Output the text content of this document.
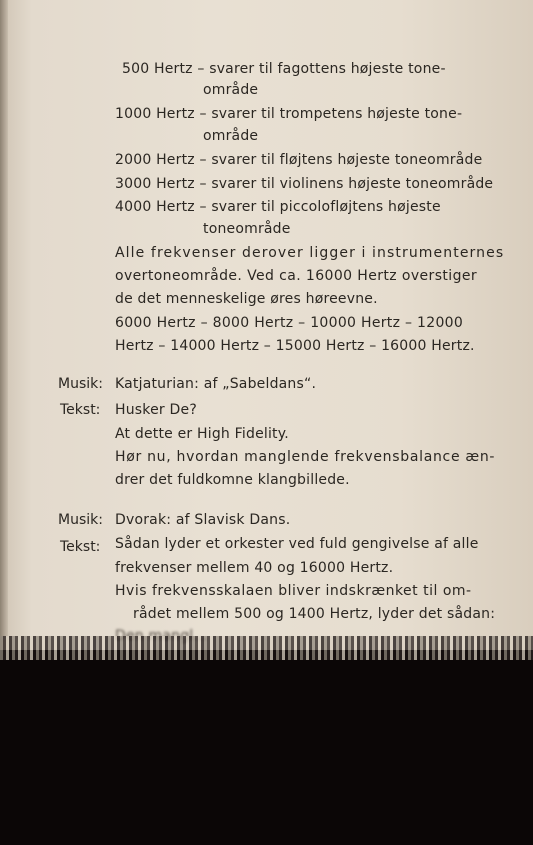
500 Hertz – svarer til fagottens højeste tone-
område
1000 Hertz – svarer til trompetens højeste tone-
område
2000 Hertz – svarer til fløjtens højeste toneområde
3000 Hertz – svarer til violinens højeste toneområde
4000 Hertz – svarer til piccolofløjtens højeste
toneområde
Alle frekvenser derover ligger i instrumenternes
overtoneområde. Ved ca. 16000 Hertz overstiger
de det menneskelige øres høreevne.
6000 Hertz – 8000 Hertz – 10000 Hertz – 12000
Hertz – 14000 Hertz – 15000 Hertz – 16000 Hertz.
Musik: Katjaturian: af „Sabeldans“.
Tekst: Husker De?
At dette er High Fidelity.
Hør nu, hvordan manglende frekvensbalance æn-
drer det fuldkomne klangbillede.
Musik: Dvorak: af Slavisk Dans.
Tekst: Sådan lyder et orkester ved fuld gengivelse af alle
frekvenser mellem 40 og 16000 Hertz.
Hvis frekvensskalaen bliver indskrænket til om-
rådet mellem 500 og 1400 Hertz, lyder det sådan:
